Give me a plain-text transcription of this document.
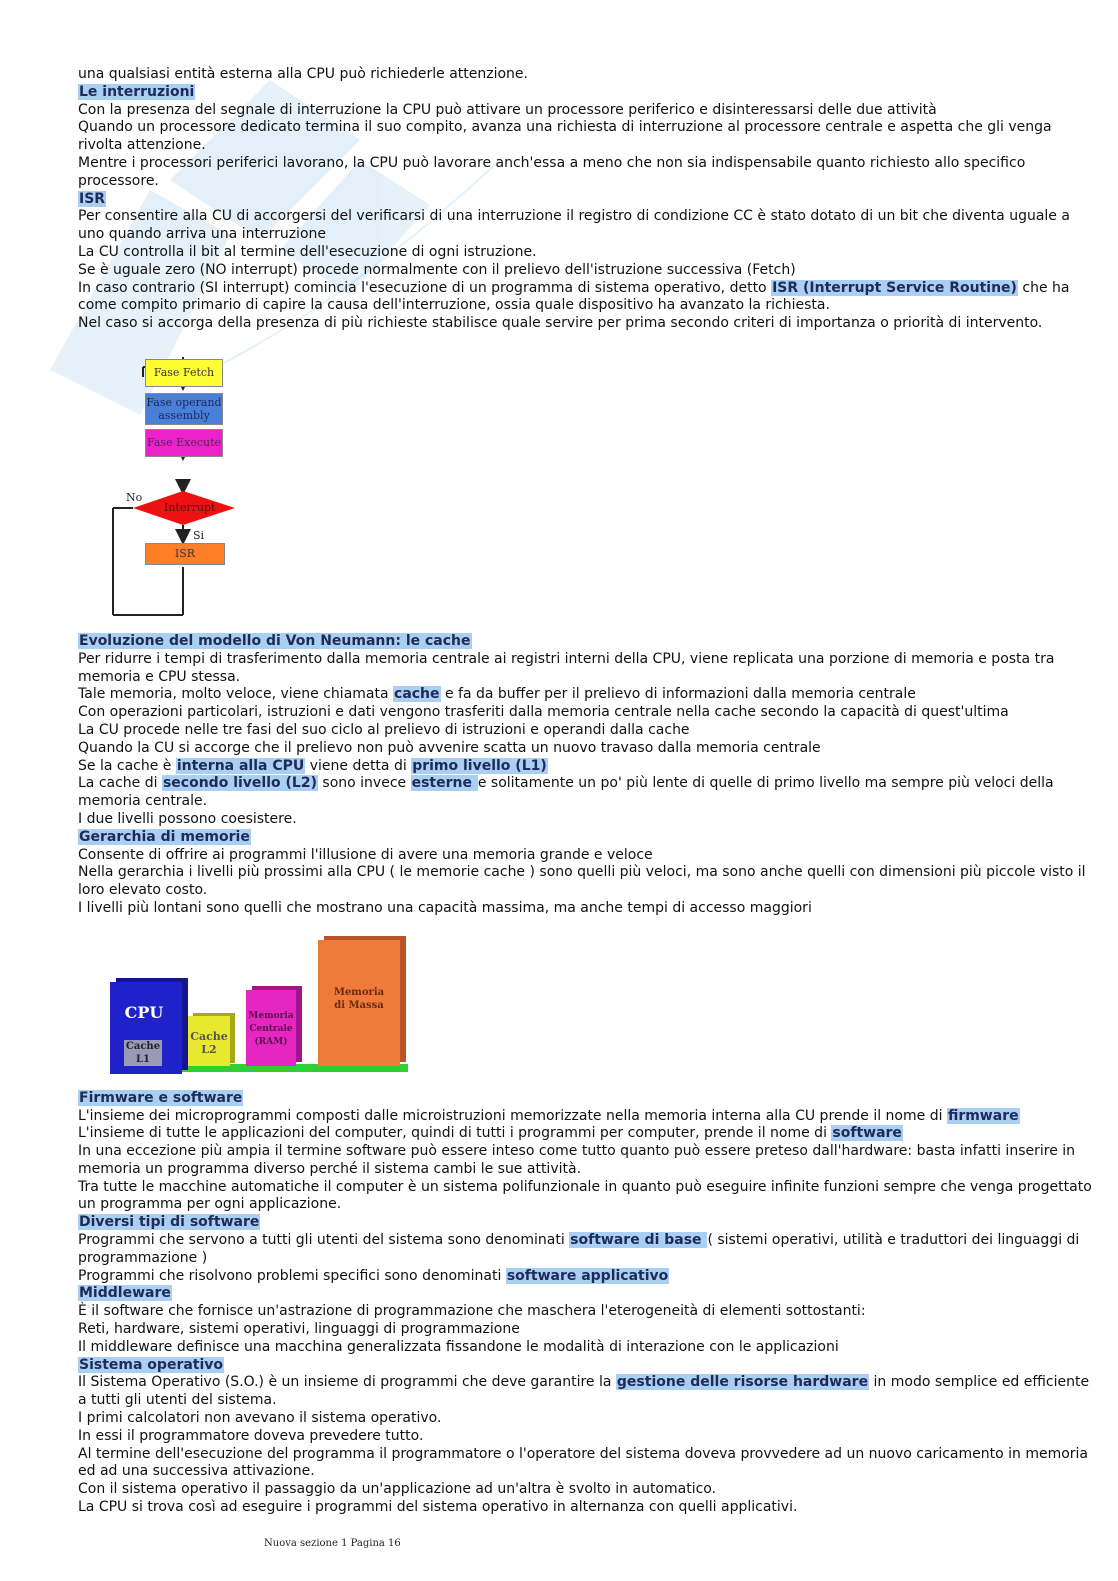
una qualsiasi entità esterna alla CPU può richiederle attenzione.

Le interruzioni

Con la presenza del segnale di interruzione la CPU può attivare un processore periferico e disinteressarsi delle due attività

Quando un processore dedicato termina il suo compito, avanza una richiesta di interruzione al processore centrale e aspetta che gli venga rivolta attenzione.

Mentre i processori periferici lavorano, la CPU può lavorare anch'essa a meno che non sia indispensabile quanto richiesto allo specifico processore.

ISR

Per consentire alla CU di accorgersi del verificarsi di una interruzione il registro di condizione CC è stato dotato di un bit che diventa uguale a uno quando arriva una interruzione

La CU controlla il bit al termine dell'esecuzione di ogni istruzione.

Se è uguale zero (NO interrupt) procede normalmente con il prelievo dell'istruzione successiva (Fetch)

In caso contrario (SI interrupt) comincia l'esecuzione di un programma di sistema operativo, detto ISR (Interrupt Service Routine) che ha come compito primario di capire la causa dell'interruzione, ossia quale dispositivo ha avanzato la richiesta.

Nel caso si accorga della presenza di più richieste stabilisce quale servire per prima secondo criteri di importanza o priorità di intervento.

Fase Fetch
Fase operand assembly
Fase Execute
Interrupt
No
Si
ISR
Evoluzione del modello di Von Neumann: le cache

Per ridurre i tempi di trasferimento dalla memoria centrale ai registri interni della CPU, viene replicata una porzione di memoria e posta tra memoria e CPU stessa.

Tale memoria, molto veloce, viene chiamata cache e fa da buffer per il prelievo di informazioni dalla memoria centrale

Con operazioni particolari, istruzioni e dati vengono trasferiti dalla memoria centrale nella cache secondo la capacità di quest'ultima

La CU procede nelle tre fasi del suo ciclo al prelievo di istruzioni e operandi dalla cache

Quando la CU si accorge che il prelievo non può avvenire scatta un nuovo travaso dalla memoria centrale

Se la cache è interna alla CPU viene detta di primo livello (L1)

La cache di secondo livello (L2) sono invece esterne e solitamente un po' più lente di quelle di primo livello ma sempre più veloci della memoria centrale.

I due livelli possono coesistere.

Gerarchia di memorie

Consente di offrire ai programmi l'illusione di avere una memoria grande e veloce

Nella gerarchia i livelli più prossimi alla CPU ( le memorie cache ) sono quelli più veloci, ma sono anche quelli con dimensioni più piccole visto il loro elevato costo.

I livelli più lontani sono quelli che mostrano una capacità massima, ma anche tempi di accesso maggiori

CPU
Cache L1
Cache L2
Memoria Centrale (RAM)
Memoria di Massa
Firmware e software

L'insieme dei microprogrammi composti dalle microistruzioni memorizzate nella memoria interna alla CU prende il nome di firmware

L'insieme di tutte le applicazioni del computer, quindi di tutti i programmi per computer, prende il nome di software

In una eccezione più ampia il termine software può essere inteso come tutto quanto può essere preteso dall'hardware: basta infatti inserire in memoria un programma diverso perché il sistema cambi le sue attività.

Tra tutte le macchine automatiche il computer è un sistema polifunzionale in quanto può eseguire infinite funzioni sempre che venga progettato un programma per ogni applicazione.

Diversi tipi di software

Programmi che servono a tutti gli utenti del sistema sono denominati software di base ( sistemi operativi, utilità e traduttori dei linguaggi di programmazione )

Programmi che risolvono problemi specifici sono denominati software applicativo

Middleware

È il software che fornisce un'astrazione di programmazione che maschera l'eterogeneità di elementi sottostanti:

Reti, hardware, sistemi operativi, linguaggi di programmazione

Il middleware definisce una macchina generalizzata fissandone le modalità di interazione con le applicazioni

Sistema operativo

Il Sistema Operativo (S.O.) è un insieme di programmi che deve garantire la gestione delle risorse hardware in modo semplice ed efficiente a tutti gli utenti del sistema.

I primi calcolatori non avevano il sistema operativo.

In essi il programmatore doveva prevedere tutto.

Al termine dell'esecuzione del programma il programmatore o l'operatore del sistema doveva provvedere ad un nuovo caricamento in memoria ed ad una successiva attivazione.

Con il sistema operativo il passaggio da un'applicazione ad un'altra è svolto in automatico.

La CPU si trova così ad eseguire i programmi del sistema operativo in alternanza con quelli applicativi.

Nuova sezione 1 Pagina 16
